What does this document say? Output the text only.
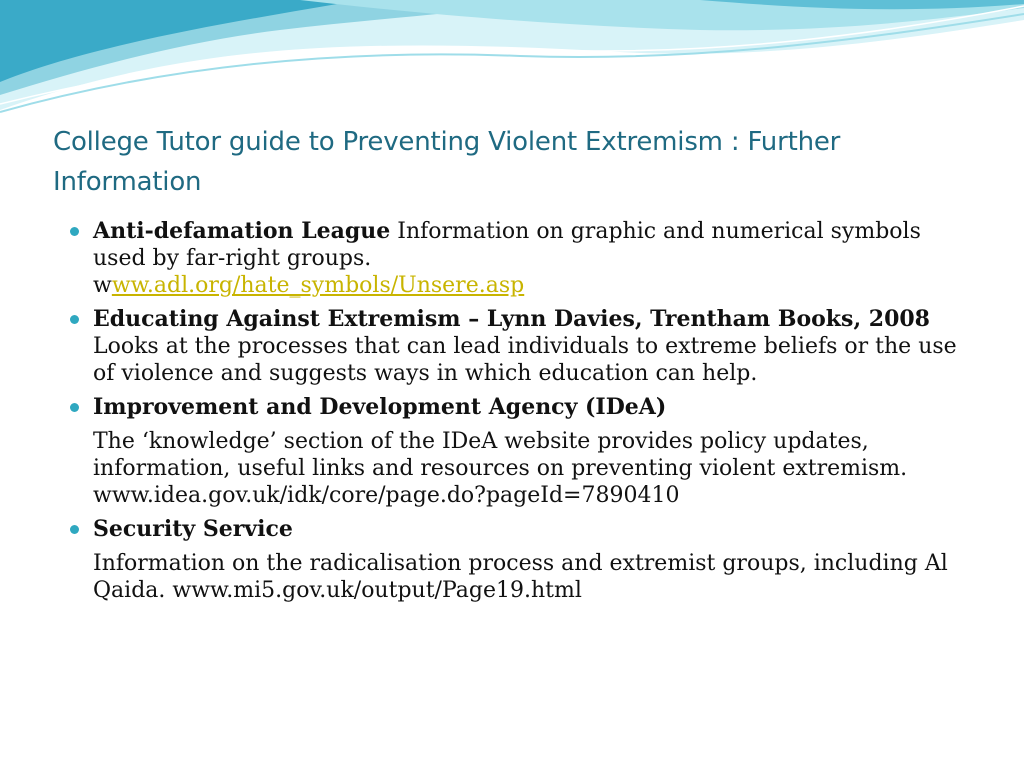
College Tutor guide to Preventing Violent Extremism : Further Information
Anti-defamation League Information on graphic and numerical symbols used by far-right groups.
www.adl.org/hate_symbols/Unsere.asp
Educating Against Extremism – Lynn Davies, Trentham Books, 2008 Looks at the processes that can lead individuals to extreme beliefs or the use of violence and suggests ways in which education can help.
Improvement and Development Agency (IDeA)
The ‘knowledge’ section of the IDeA website provides policy updates, information, useful links and resources on preventing violent extremism. www.idea.gov.uk/idk/core/page.do?pageId=7890410
Security Service
Information on the radicalisation process and extremist groups, including Al Qaida. www.mi5.gov.uk/output/Page19.html
